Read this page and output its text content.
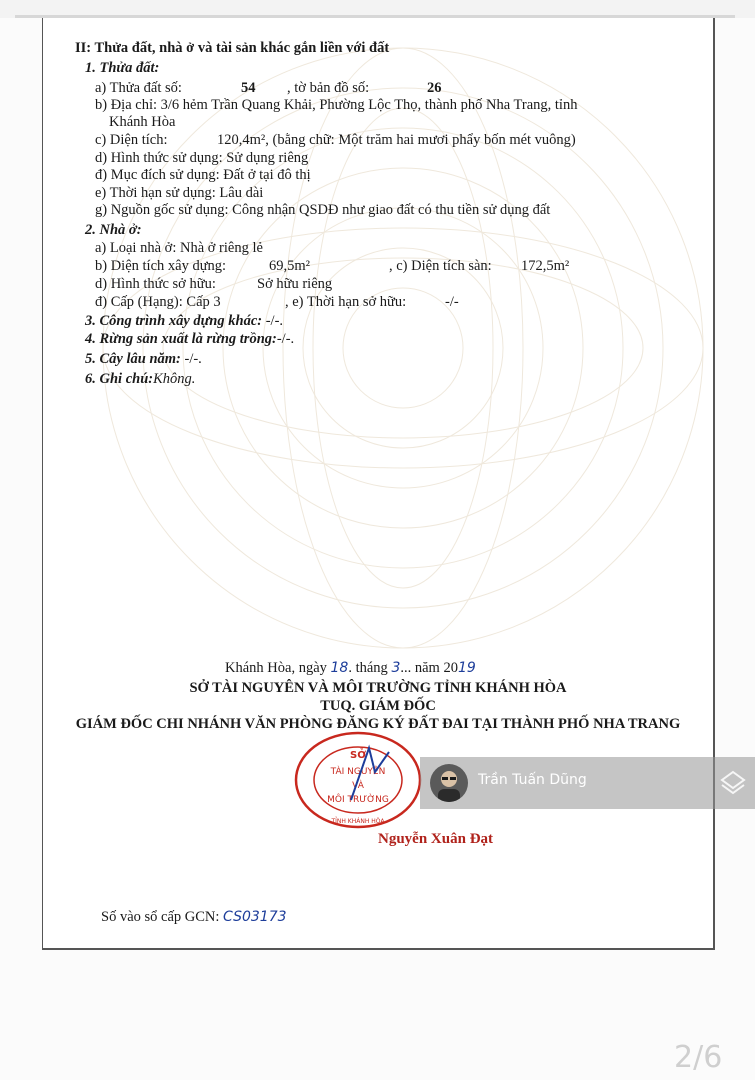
II: Thửa đất, nhà ở và tài sản khác gắn liền với đất
1. Thửa đất:
a) Thửa đất số:	54 , tờ bản đồ số:	26
b) Địa chỉ: 3/6 hẻm Trần Quang Khải, Phường Lộc Thọ, thành phố Nha Trang, tỉnh
Khánh Hòa
c) Diện tích:	120,4m², (bằng chữ: Một trăm hai mươi phẩy bốn mét vuông)
d) Hình thức sử dụng: Sử dụng riêng
đ) Mục đích sử dụng: Đất ở tại đô thị
e) Thời hạn sử dụng: Lâu dài
g) Nguồn gốc sử dụng: Công nhận QSDĐ như giao đất có thu tiền sử dụng đất
2. Nhà ở:
a) Loại nhà ở: Nhà ở riêng lẻ
b) Diện tích xây dựng:	69,5m²	, c) Diện tích sàn: 172,5m²
d) Hình thức sở hữu:	Sở hữu riêng
đ) Cấp (Hạng): Cấp 3	, e) Thời hạn sở hữu:	-/-
3. Công trình xây dựng khác: -/-.
4. Rừng sản xuất là rừng trồng:-/-.
5. Cây lâu năm: -/-.
6. Ghi chú:Không.
Khánh Hòa, ngày 18. tháng 3... năm 2019
SỞ TÀI NGUYÊN VÀ MÔI TRƯỜNG TỈNH KHÁNH HÒA
TUQ. GIÁM ĐỐC
GIÁM ĐỐC CHI NHÁNH VĂN PHÒNG ĐĂNG KÝ ĐẤT ĐAI TẠI THÀNH PHỐ NHA TRANG
SỞ
TÀI NGUYÊN
VÀ
MÔI TRƯỜNG
TỈNH KHÁNH HÒA
Nguyễn Xuân Đạt
Số vào sổ cấp GCN: CS03173
Trần Tuấn Dũng
2/6
